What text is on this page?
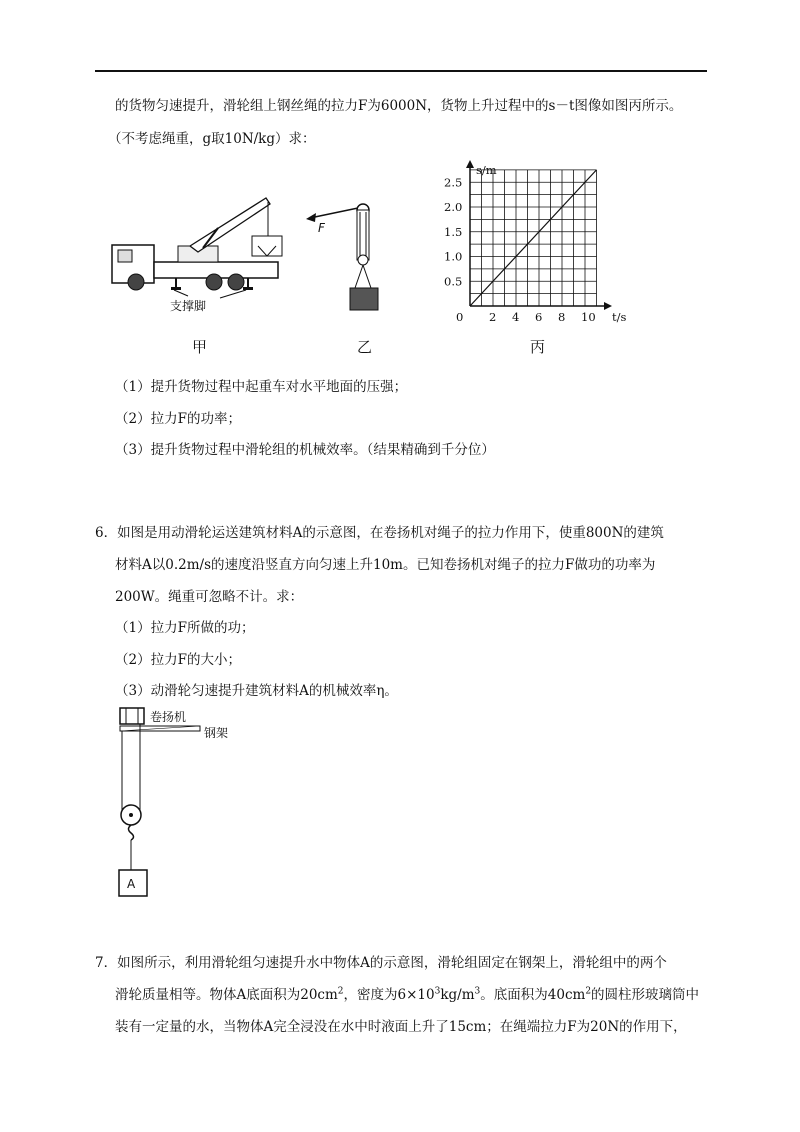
的货物匀速提升，滑轮组上钢丝绳的拉力F为6000N，货物上升过程中的s－t图像如图丙所示。
（不考虑绳重，g取10N/kg）求：
支撑脚
F
s/m
t/s
0 2 4 6 8 10
0.5
1.0
1.5
2.0
2.5
甲	乙	丙
（1）提升货物过程中起重车对水平地面的压强；
（2）拉力F的功率；
（3）提升货物过程中滑轮组的机械效率。（结果精确到千分位）
6．如图是用动滑轮运送建筑材料A的示意图，在卷扬机对绳子的拉力作用下，使重800N的建筑
材料A以0.2m/s的速度沿竖直方向匀速上升10m。已知卷扬机对绳子的拉力F做功的功率为
200W。绳重可忽略不计。求：
（1）拉力F所做的功；
（2）拉力F的大小；
（3）动滑轮匀速提升建筑材料A的机械效率η。
卷扬机
钢架
A
7．如图所示，利用滑轮组匀速提升水中物体A的示意图，滑轮组固定在钢架上，滑轮组中的两个
滑轮质量相等。物体A底面积为$20cm^2$，密度为$6\times 10^3kg/m^3$。底面积为$40cm^2$的圆柱形玻璃筒中
装有一定量的水，当物体A完全浸没在水中时液面上升了15cm；在绳端拉力F为20N的作用下，
